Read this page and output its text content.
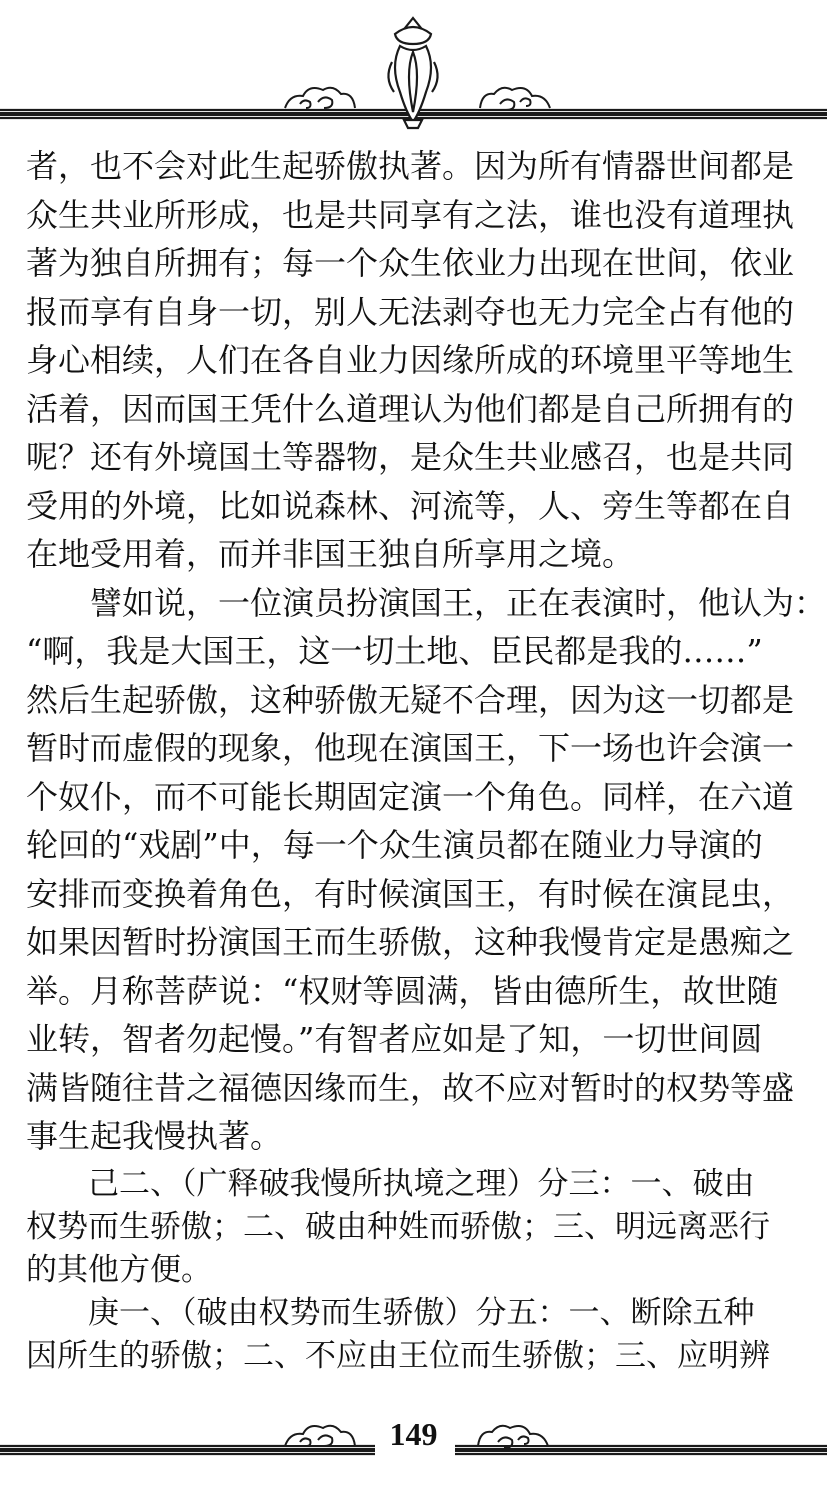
者，也不会对此生起骄傲执著。因为所有情器世间都是
众生共业所形成，也是共同享有之法，谁也没有道理执
著为独自所拥有；每一个众生依业力出现在世间，依业
报而享有自身一切，别人无法剥夺也无力完全占有他的
身心相续，人们在各自业力因缘所成的环境里平等地生
活着，因而国王凭什么道理认为他们都是自己所拥有的
呢？还有外境国土等器物，是众生共业感召，也是共同
受用的外境，比如说森林、河流等，人、旁生等都在自
在地受用着，而并非国王独自所享用之境。
　　譬如说，一位演员扮演国王，正在表演时，他认为：
“啊，我是大国王，这一切土地、臣民都是我的……”
然后生起骄傲，这种骄傲无疑不合理，因为这一切都是
暂时而虚假的现象，他现在演国王，下一场也许会演一
个奴仆，而不可能长期固定演一个角色。同样，在六道
轮回的“戏剧”中，每一个众生演员都在随业力导演的
安排而变换着角色，有时候演国王，有时候在演昆虫，
如果因暂时扮演国王而生骄傲，这种我慢肯定是愚痴之
举。月称菩萨说：“权财等圆满，皆由德所生，故世随
业转，智者勿起慢。”有智者应如是了知，一切世间圆
满皆随往昔之福德因缘而生，故不应对暂时的权势等盛
事生起我慢执著。
　　己二、（广释破我慢所执境之理）分三：一、破由
权势而生骄傲；二、破由种姓而骄傲；三、明远离恶行
的其他方便。
　　庚一、（破由权势而生骄傲）分五：一、断除五种
因所生的骄傲；二、不应由王位而生骄傲；三、应明辨
149
